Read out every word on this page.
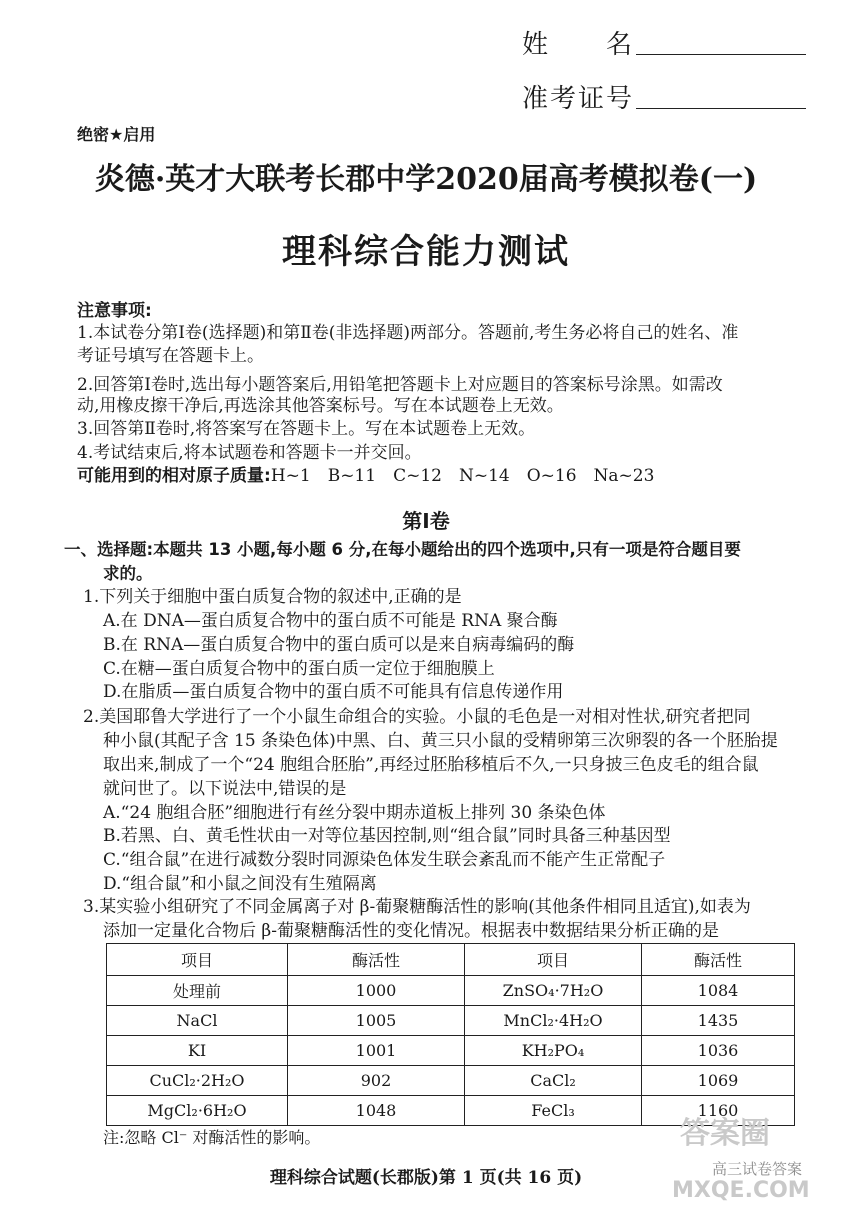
姓　　名
准考证号
绝密★启用
炎德·英才大联考长郡中学2020届高考模拟卷(一)
理科综合能力测试
注意事项:
1.本试卷分第Ⅰ卷(选择题)和第Ⅱ卷(非选择题)两部分。答题前,考生务必将自己的姓名、准
考证号填写在答题卡上。
2.回答第Ⅰ卷时,选出每小题答案后,用铅笔把答题卡上对应题目的答案标号涂黑。如需改
动,用橡皮擦干净后,再选涂其他答案标号。写在本试题卷上无效。
3.回答第Ⅱ卷时,将答案写在答题卡上。写在本试题卷上无效。
4.考试结束后,将本试题卷和答题卡一并交回。
可能用到的相对原子质量:H~1　B~11　C~12　N~14　O~16　Na~23
第Ⅰ卷
一、选择题:本题共 13 小题,每小题 6 分,在每小题给出的四个选项中,只有一项是符合题目要
求的。
1.下列关于细胞中蛋白质复合物的叙述中,正确的是
A.在 DNA—蛋白质复合物中的蛋白质不可能是 RNA 聚合酶
B.在 RNA—蛋白质复合物中的蛋白质可以是来自病毒编码的酶
C.在糖—蛋白质复合物中的蛋白质一定位于细胞膜上
D.在脂质—蛋白质复合物中的蛋白质不可能具有信息传递作用
2.美国耶鲁大学进行了一个小鼠生命组合的实验。小鼠的毛色是一对相对性状,研究者把同
种小鼠(其配子含 15 条染色体)中黑、白、黄三只小鼠的受精卵第三次卵裂的各一个胚胎提
取出来,制成了一个“24 胞组合胚胎”,再经过胚胎移植后不久,一只身披三色皮毛的组合鼠
就问世了。以下说法中,错误的是
A.“24 胞组合胚”细胞进行有丝分裂中期赤道板上排列 30 条染色体
B.若黑、白、黄毛性状由一对等位基因控制,则“组合鼠”同时具备三种基因型
C.“组合鼠”在进行减数分裂时同源染色体发生联会紊乱而不能产生正常配子
D.“组合鼠”和小鼠之间没有生殖隔离
3.某实验小组研究了不同金属离子对 β-葡聚糖酶活性的影响(其他条件相同且适宜),如表为
添加一定量化合物后 β-葡聚糖酶活性的变化情况。根据表中数据结果分析正确的是
项目	酶活性	项目	酶活性
处理前	1000	ZnSO₄·7H₂O	1084
NaCl	1005	MnCl₂·4H₂O	1435
KI	1001	KH₂PO₄	1036
CuCl₂·2H₂O	902	CaCl₂	1069
MgCl₂·6H₂O	1048	FeCl₃	1160
注:忽略 Cl⁻ 对酶活性的影响。
理科综合试题(长郡版)第 1 页(共 16 页)
答案圈
高三试卷答案
MXQE.COM
